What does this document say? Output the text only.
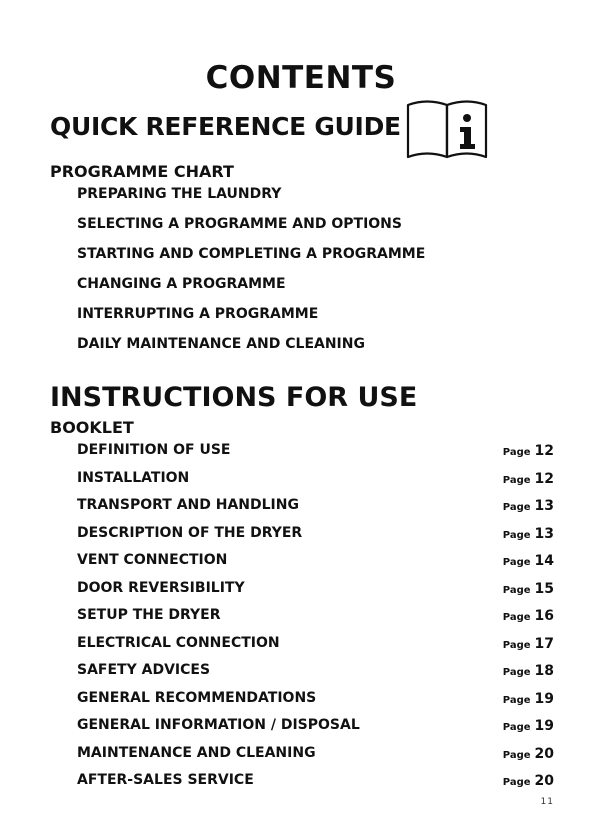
CONTENTS
QUICK REFERENCE GUIDE
PROGRAMME CHART
PREPARING THE LAUNDRY
SELECTING A PROGRAMME AND OPTIONS
STARTING AND COMPLETING A PROGRAMME
CHANGING A PROGRAMME
INTERRUPTING A PROGRAMME
DAILY MAINTENANCE AND CLEANING
INSTRUCTIONS FOR USE
BOOKLET
DEFINITION OF USE	Page 12
INSTALLATION	Page 12
TRANSPORT AND HANDLING	Page 13
DESCRIPTION OF THE DRYER	Page 13
VENT CONNECTION	Page 14
DOOR REVERSIBILITY	Page 15
SETUP THE DRYER	Page 16
ELECTRICAL CONNECTION	Page 17
SAFETY ADVICES	Page 18
GENERAL RECOMMENDATIONS	Page 19
GENERAL INFORMATION / DISPOSAL	Page 19
MAINTENANCE AND CLEANING	Page 20
AFTER-SALES SERVICE	Page 20
11
